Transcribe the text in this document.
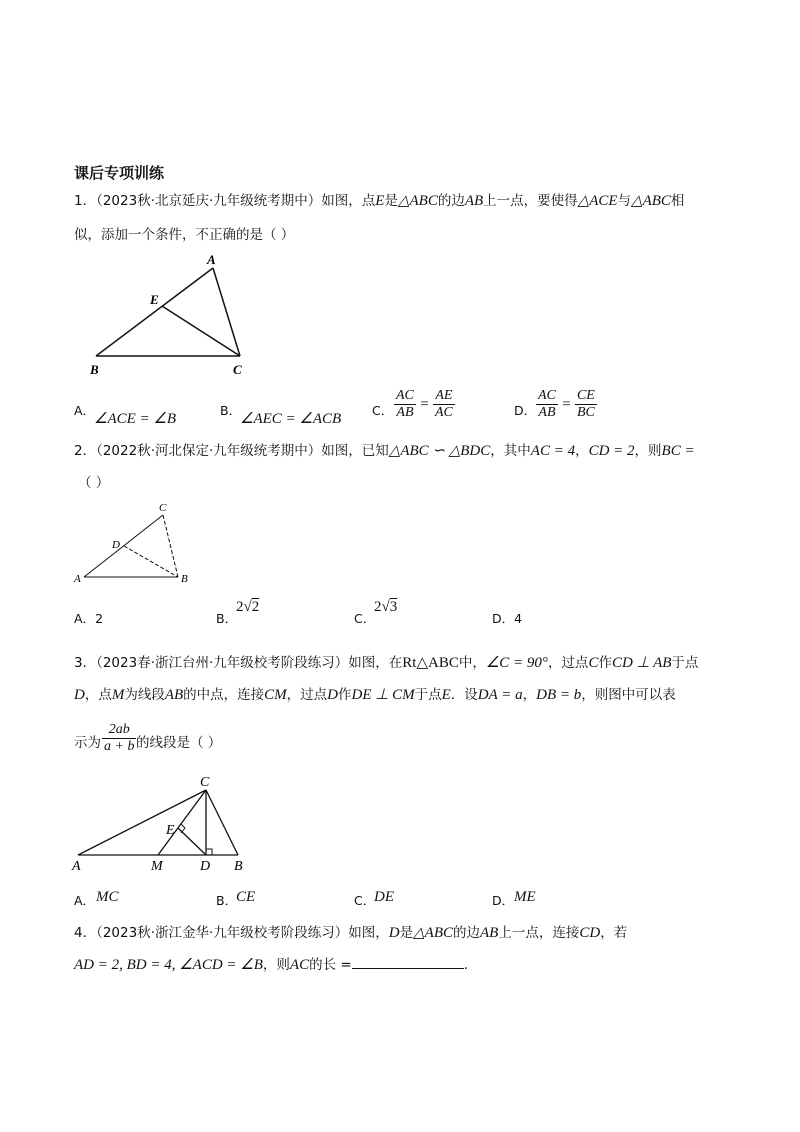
课后专项训练
1．（2023秋·北京延庆·九年级统考期中）如图，点E是△ABC的边AB上一点，要使得△ACE与△ABC相
似，添加一个条件，不正确的是（ ）
A
E
B	C
A．
∠ACE = ∠B
B．
∠AEC = ∠ACB
C． $\frac{AC}{AB} = \frac{AE}{AC}$	D． $\frac{AC}{AB} = \frac{CE}{BC}$
2．（2022秋·河北保定·九年级统考期中）如图，已知△ABC ∽ △BDC，其中AC = 4，CD = 2，则BC =
（ ）
C
D
A	B
A．2	B．
2√2
C．
2√3
D．4
3．（2023春·浙江台州·九年级校考阶段练习）如图，在Rt△ABC中，∠C = 90°，过点C作CD ⊥ AB于点
D，点M为线段AB的中点，连接CM，过点D作DE ⊥ CM于点E．设DA = a，DB = b，则图中可以表
示为 $\frac{2ab}{a + b}$ 的线段是（ ）
C
E
A	M	D B
A． MC	B．
CE	C．
DE	D． ME
4．（2023秋·浙江金华·九年级校考阶段练习）如图，D是△ABC的边AB上一点，连接CD，若
AD = 2, BD = 4, ∠ACD = ∠B，则AC的长 =	.
